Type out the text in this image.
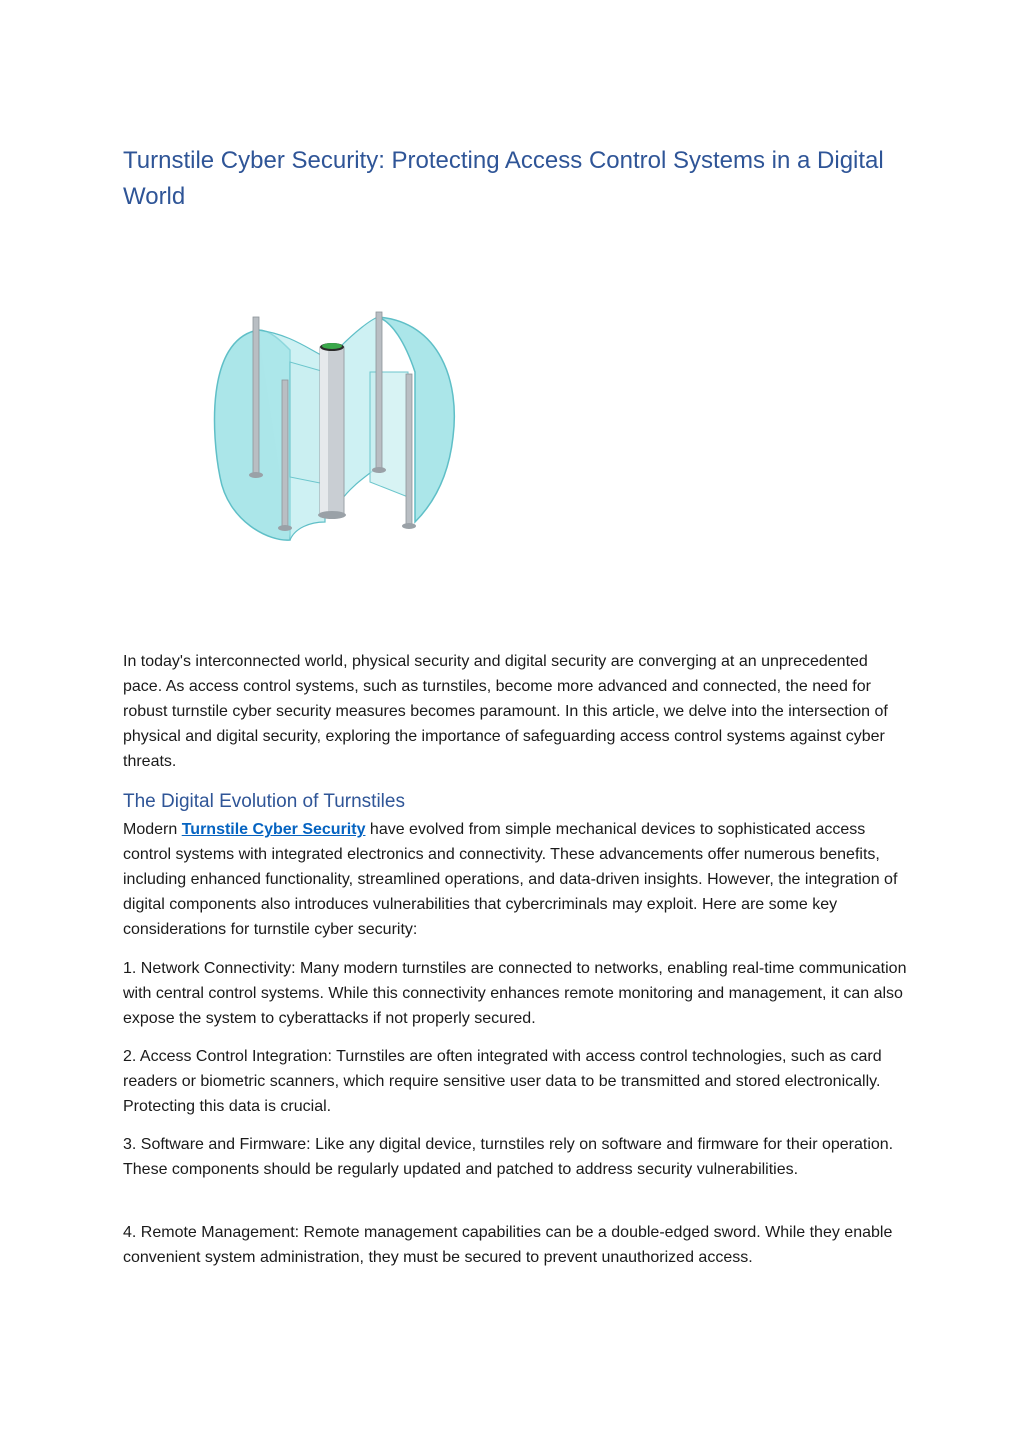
Turnstile Cyber Security: Protecting Access Control Systems in a Digital World

In today's interconnected world, physical security and digital security are converging at an unprecedented pace. As access control systems, such as turnstiles, become more advanced and connected, the need for robust turnstile cyber security measures becomes paramount. In this article, we delve into the intersection of physical and digital security, exploring the importance of safeguarding access control systems against cyber threats.

The Digital Evolution of Turnstiles

Modern Turnstile Cyber Security have evolved from simple mechanical devices to sophisticated access control systems with integrated electronics and connectivity. These advancements offer numerous benefits, including enhanced functionality, streamlined operations, and data-driven insights. However, the integration of digital components also introduces vulnerabilities that cybercriminals may exploit. Here are some key considerations for turnstile cyber security:

1. Network Connectivity: Many modern turnstiles are connected to networks, enabling real-time communication with central control systems. While this connectivity enhances remote monitoring and management, it can also expose the system to cyberattacks if not properly secured.

2. Access Control Integration: Turnstiles are often integrated with access control technologies, such as card readers or biometric scanners, which require sensitive user data to be transmitted and stored electronically. Protecting this data is crucial.

3. Software and Firmware: Like any digital device, turnstiles rely on software and firmware for their operation. These components should be regularly updated and patched to address security vulnerabilities.

4. Remote Management: Remote management capabilities can be a double-edged sword. While they enable convenient system administration, they must be secured to prevent unauthorized access.
